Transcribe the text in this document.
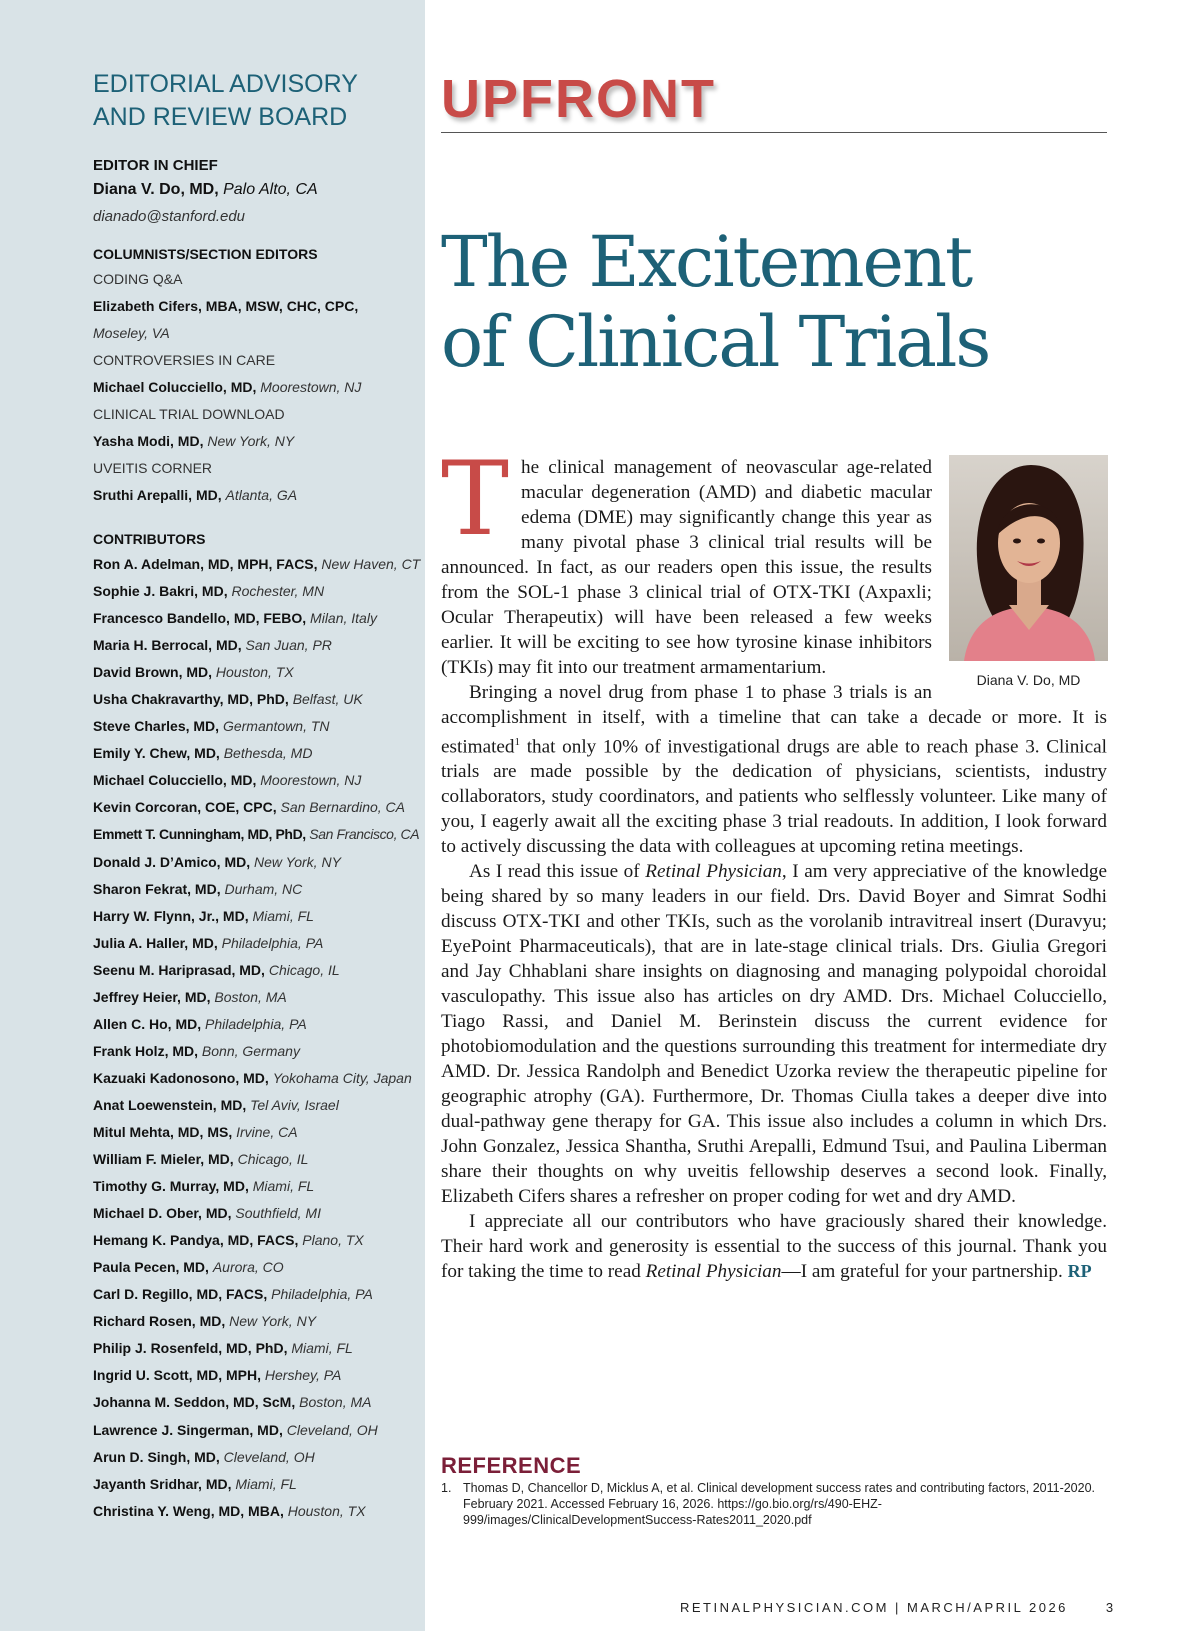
EDITORIAL ADVISORY
AND REVIEW BOARD
EDITOR IN CHIEF
Diana V. Do, MD, Palo Alto, CA
dianado@stanford.edu
COLUMNISTS/SECTION EDITORS
CODING Q&A
Elizabeth Cifers, MBA, MSW, CHC, CPC,
Moseley, VA
CONTROVERSIES IN CARE
Michael Colucciello, MD, Moorestown, NJ
CLINICAL TRIAL DOWNLOAD
Yasha Modi, MD, New York, NY
UVEITIS CORNER
Sruthi Arepalli, MD, Atlanta, GA
CONTRIBUTORS
Ron A. Adelman, MD, MPH, FACS, New Haven, CT
Sophie J. Bakri, MD, Rochester, MN
Francesco Bandello, MD, FEBO, Milan, Italy
Maria H. Berrocal, MD, San Juan, PR
David Brown, MD, Houston, TX
Usha Chakravarthy, MD, PhD, Belfast, UK
Steve Charles, MD, Germantown, TN
Emily Y. Chew, MD, Bethesda, MD
Michael Colucciello, MD, Moorestown, NJ
Kevin Corcoran, COE, CPC, San Bernardino, CA
Emmett T. Cunningham, MD, PhD, San Francisco, CA
Donald J. D’Amico, MD, New York, NY
Sharon Fekrat, MD, Durham, NC
Harry W. Flynn, Jr., MD, Miami, FL
Julia A. Haller, MD, Philadelphia, PA
Seenu M. Hariprasad, MD, Chicago, IL
Jeffrey Heier, MD, Boston, MA
Allen C. Ho, MD, Philadelphia, PA
Frank Holz, MD, Bonn, Germany
Kazuaki Kadonosono, MD, Yokohama City, Japan
Anat Loewenstein, MD, Tel Aviv, Israel
Mitul Mehta, MD, MS, Irvine, CA
William F. Mieler, MD, Chicago, IL
Timothy G. Murray, MD, Miami, FL
Michael D. Ober, MD, Southfield, MI
Hemang K. Pandya, MD, FACS, Plano, TX
Paula Pecen, MD, Aurora, CO
Carl D. Regillo, MD, FACS, Philadelphia, PA
Richard Rosen, MD, New York, NY
Philip J. Rosenfeld, MD, PhD, Miami, FL
Ingrid U. Scott, MD, MPH, Hershey, PA
Johanna M. Seddon, MD, ScM, Boston, MA
Lawrence J. Singerman, MD, Cleveland, OH
Arun D. Singh, MD, Cleveland, OH
Jayanth Sridhar, MD, Miami, FL
Christina Y. Weng, MD, MBA, Houston, TX
UPFRONT
The Excitement
of Clinical Trials

The clinical management of neovascular age-related macular degeneration (AMD) and diabetic macular edema (DME) may significantly change this year as many pivotal phase 3 clinical trial results will be announced. In fact, as our readers open this issue, the results from the SOL-1 phase 3 clinical trial of OTX-TKI (Axpaxli; Ocular Therapeutix) will have been released a few weeks earlier. It will be exciting to see how tyrosine kinase inhibitors (TKIs) may fit into our treatment armamentarium.

Bringing a novel drug from phase 1 to phase 3 trials is an accomplishment in itself, with a timeline that can take a decade or more. It is estimated$^1$ that only 10% of investigational drugs are able to reach phase 3. Clinical trials are made possible by the dedication of physicians, scientists, industry collaborators, study coordinators, and patients who selflessly volunteer. Like many of you, I eagerly await all the exciting phase 3 trial readouts. In addition, I look forward to actively discussing the data with colleagues at upcoming retina meetings.

As I read this issue of Retinal Physician, I am very appreciative of the knowledge being shared by so many leaders in our field. Drs. David Boyer and Simrat Sodhi discuss OTX-TKI and other TKIs, such as the vorolanib intravitreal insert (Duravyu; EyePoint Pharmaceuticals), that are in late-stage clinical trials. Drs. Giulia Gregori and Jay Chhablani share insights on diagnosing and managing polypoidal choroidal vasculopathy. This issue also has articles on dry AMD. Drs. Michael Colucciello, Tiago Rassi, and Daniel M. Berinstein discuss the current evidence for photobiomodulation and the questions surrounding this treatment for intermediate dry AMD. Dr. Jessica Randolph and Benedict Uzorka review the therapeutic pipeline for geographic atrophy (GA). Furthermore, Dr. Thomas Ciulla takes a deeper dive into dual-pathway gene therapy for GA. This issue also includes a column in which Drs. John Gonzalez, Jessica Shantha, Sruthi Arepalli, Edmund Tsui, and Paulina Liberman share their thoughts on why uveitis fellowship deserves a second look. Finally, Elizabeth Cifers shares a refresher on proper coding for wet and dry AMD.

I appreciate all our contributors who have graciously shared their knowledge. Their hard work and generosity is essential to the success of this journal. Thank you for taking the time to read Retinal Physician—I am grateful for your partnership. RP

Diana V. Do, MD
REFERENCE
1. Thomas D, Chancellor D, Micklus A, et al. Clinical development success rates and contributing factors, 2011-2020. February 2021. Accessed February 16, 2026. https://go.bio.org/rs/490-EHZ-999/images/ClinicalDevelopmentSuccess-Rates2011_2020.pdf
RETINALPHYSICIAN.COM | MARCH/APRIL 2026	3
